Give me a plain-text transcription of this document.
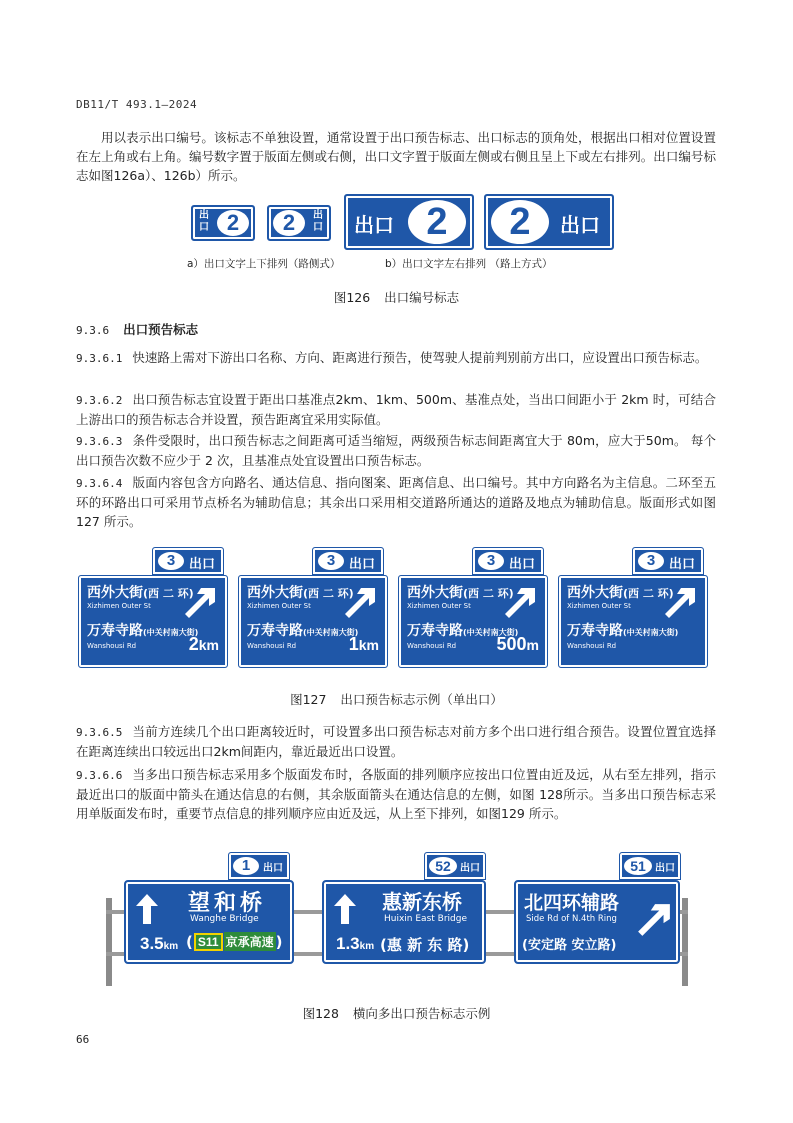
DB11/T 493.1—2024
用以表示出口编号。该标志不单独设置，通常设置于出口预告标志、出口标志的顶角处，根据出口相对位置设置在左上角或右上角。编号数字置于版面左侧或右侧，出口文字置于版面左侧或右侧且呈上下或左右排列。出口编号标志如图126a）、126b）所示。
出
口 2	2	出
口 出口 2	2	出口
a）出口文字上下排列（路侧式）	b）出口文字左右排列 （路上方式）
图126 出口编号标志
9.3.6 出口预告标志
9.3.6.1 快速路上需对下游出口名称、方向、距离进行预告，使驾驶人提前判别前方出口，应设置出口预告标志。
9.3.6.2 出口预告标志宜设置于距出口基准点2km、1km、500m、基准点处，当出口间距小于 2km 时，可结合上游出口的预告标志合并设置，预告距离宜采用实际值。
9.3.6.3 条件受限时，出口预告标志之间距离可适当缩短，两级预告标志间距离宜大于 80m，应大于50m。 每个出口预告次数不应少于 2 次，且基准点处宜设置出口预告标志。
9.3.6.4 版面内容包含方向路名、通达信息、指向图案、距离信息、出口编号。其中方向路名为主信息。二环至五环的环路出口可采用节点桥名为辅助信息；其余出口采用相交道路所通达的道路及地点为辅助信息。版面形式如图127 所示。
3	出口
西外大街(西 二 环)
Xizhimen Outer St
万寿寺路(中关村南大街)
Wanshousi Rd	2km
3	出口
西外大街(西 二 环)
Xizhimen Outer St
万寿寺路(中关村南大街)
Wanshousi Rd	1km
3	出口
西外大街(西 二 环)
Xizhimen Outer St
万寿寺路(中关村南大街)
Wanshousi Rd 500m
3	出口
西外大街(西 二 环)
Xizhimen Outer St
万寿寺路(中关村南大街)
Wanshousi Rd
图127 出口预告标志示例（单出口）
9.3.6.5 当前方连续几个出口距离较近时，可设置多出口预告标志对前方多个出口进行组合预告。设置位置宜选择在距离连续出口较远出口2km间距内，靠近最近出口设置。
9.3.6.6 当多出口预告标志采用多个版面发布时，各版面的排列顺序应按出口位置由近及远，从右至左排列，指示最近出口的版面中箭头在通达信息的右侧，其余版面箭头在通达信息的左侧，如图 128所示。当多出口预告标志采用单版面发布时，重要节点信息的排列顺序应由近及远，从上至下排列，如图129 所示。
1	出口
望和桥
Wanghe Bridge
3.5km ( S11 京承高速 )
52 出口
惠新东桥
Huixin East Bridge
1.3km (惠 新 东 路)
51 出口
北四环辅路
Side Rd of N.4th Ring
(安定路 安立路)
图128 横向多出口预告标志示例
66
